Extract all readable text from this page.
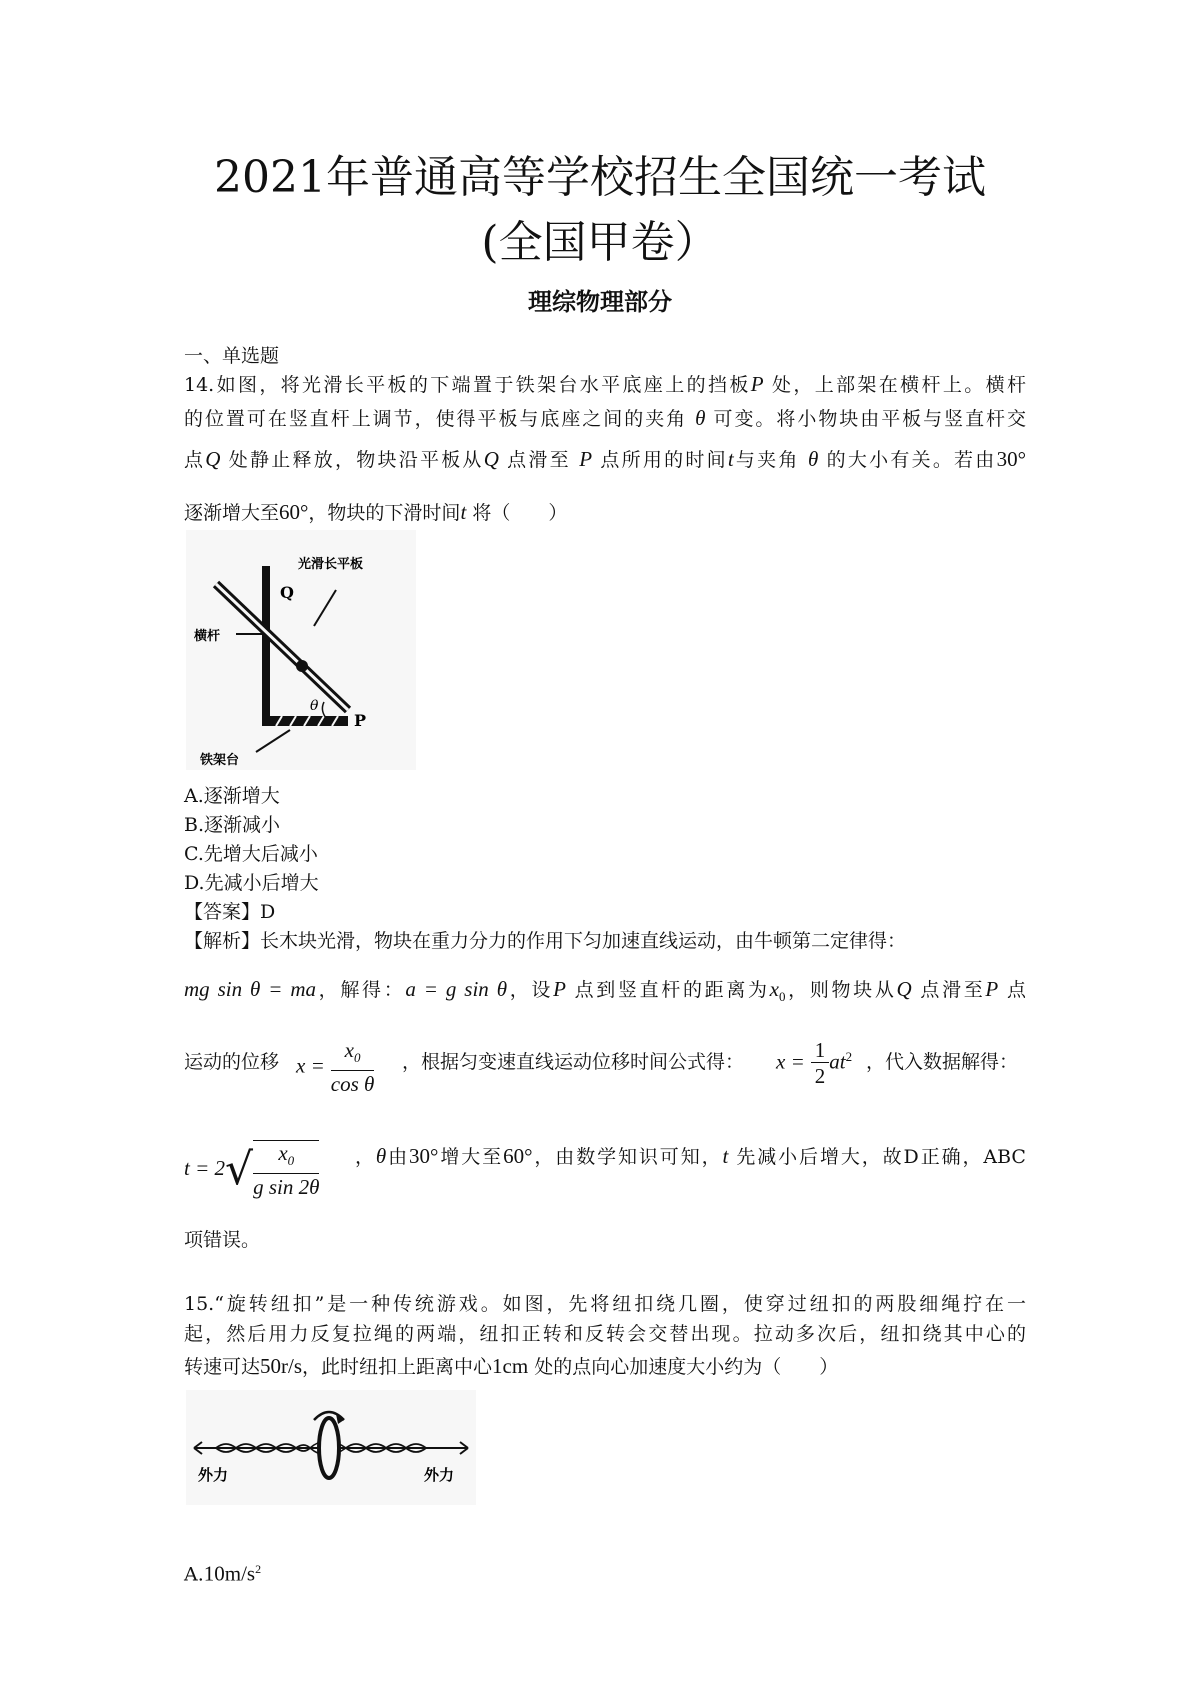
2021年普通高等学校招生全国统一考试
(全国甲卷）
理综物理部分
一、单选题
14.如图，将光滑长平板的下端置于铁架台水平底座上的挡板P 处，上部架在横杆上。横杆
的位置可在竖直杆上调节，使得平板与底座之间的夹角 θ 可变。将小物块由平板与竖直杆交
点Q 处静止释放，物块沿平板从Q 点滑至 P 点所用的时间t与夹角 θ 的大小有关。若由30°
逐渐增大至60°，物块的下滑时间t 将（　　）
Q
P
θ
光滑长平板
横杆
铁架台
A.逐渐增大
B.逐渐减小
C.先增大后减小
D.先减小后增大
【答案】D
【解析】长木块光滑，物块在重力分力的作用下匀加速直线运动，由牛顿第二定律得：
mg sin θ = ma，解得：a = g sin θ，设P 点到竖直杆的距离为$x_0$，则物块从Q 点滑至P 点
运动的位移 $x = \frac{x_0}{\text{cos θ}}$ ，根据匀变速直线运动位移时间公式得： $x = \frac{1}{2} at^2$ ，代入数据解得：
$t = 2√ \frac{x_0}{\text{g sin 2θ}}$ ，θ由30°增大至60°，由数学知识可知，t 先减小后增大，故D正确，ABC
项错误。
15.“旋转纽扣”是一种传统游戏。如图，先将纽扣绕几圈，使穿过纽扣的两股细绳拧在一
起，然后用力反复拉绳的两端，纽扣正转和反转会交替出现。拉动多次后，纽扣绕其中心的
转速可达50r/s，此时纽扣上距离中心1cm 处的点向心加速度大小约为（　　）
外力	外力
$A.10m/s^2$
